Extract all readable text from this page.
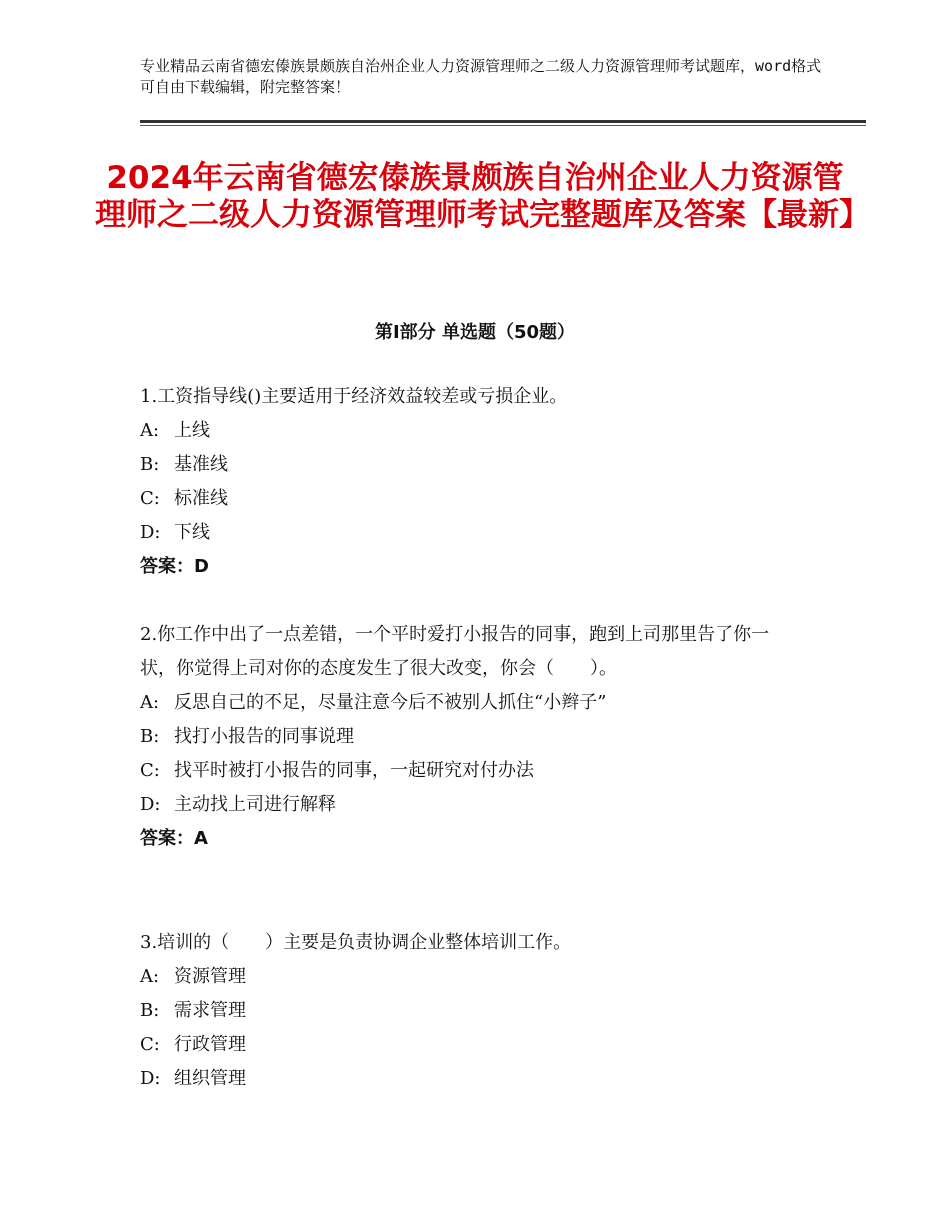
专业精品云南省德宏傣族景颇族自治州企业人力资源管理师之二级人力资源管理师考试题库，word格式可自由下载编辑，附完整答案！
2024年云南省德宏傣族景颇族自治州企业人力资源管理师之二级人力资源管理师考试完整题库及答案【最新】
第Ⅰ部分 单选题（50题）

1.工资指导线()主要适用于经济效益较差或亏损企业。

A: 上线

B: 基准线

C: 标准线

D: 下线

答案：D

2.你工作中出了一点差错，一个平时爱打小报告的同事，跑到上司那里告了你一状，你觉得上司对你的态度发生了很大改变，你会（　　）。

A: 反思自己的不足，尽量注意今后不被别人抓住“小辫子”

B: 找打小报告的同事说理

C: 找平时被打小报告的同事，一起研究对付办法

D: 主动找上司进行解释

答案：A

3.培训的（　　）主要是负责协调企业整体培训工作。

A: 资源管理

B: 需求管理

C: 行政管理

D: 组织管理
